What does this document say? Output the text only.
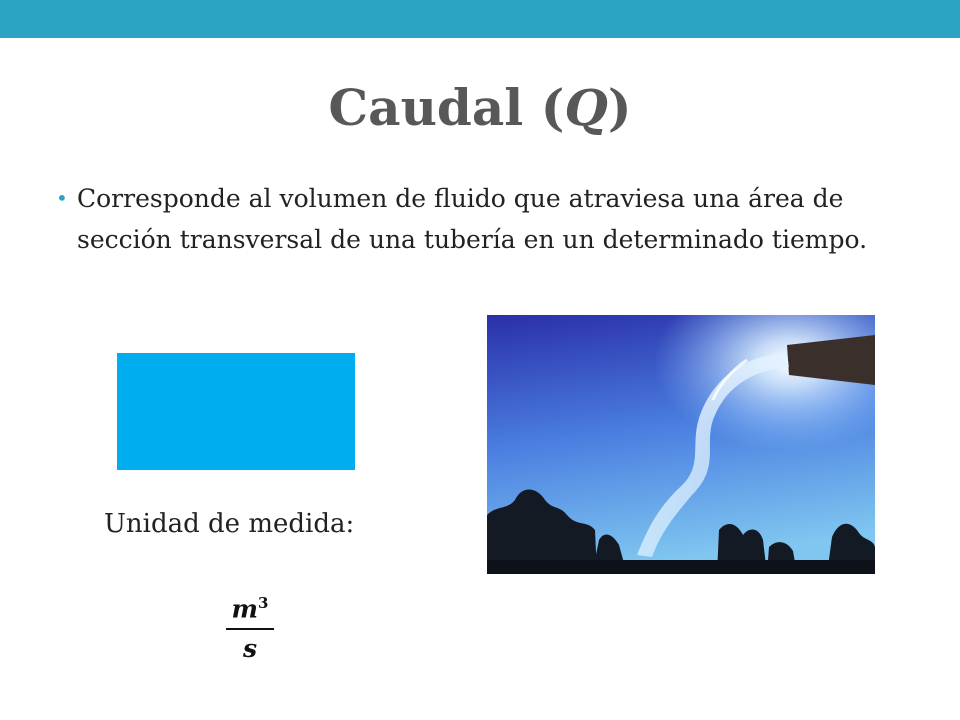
Caudal (Q)
• Corresponde al volumen de fluido que atraviesa una área de sección transversal de una tubería en un determinado tiempo.
Unidad de medida:
$m^3$
s
